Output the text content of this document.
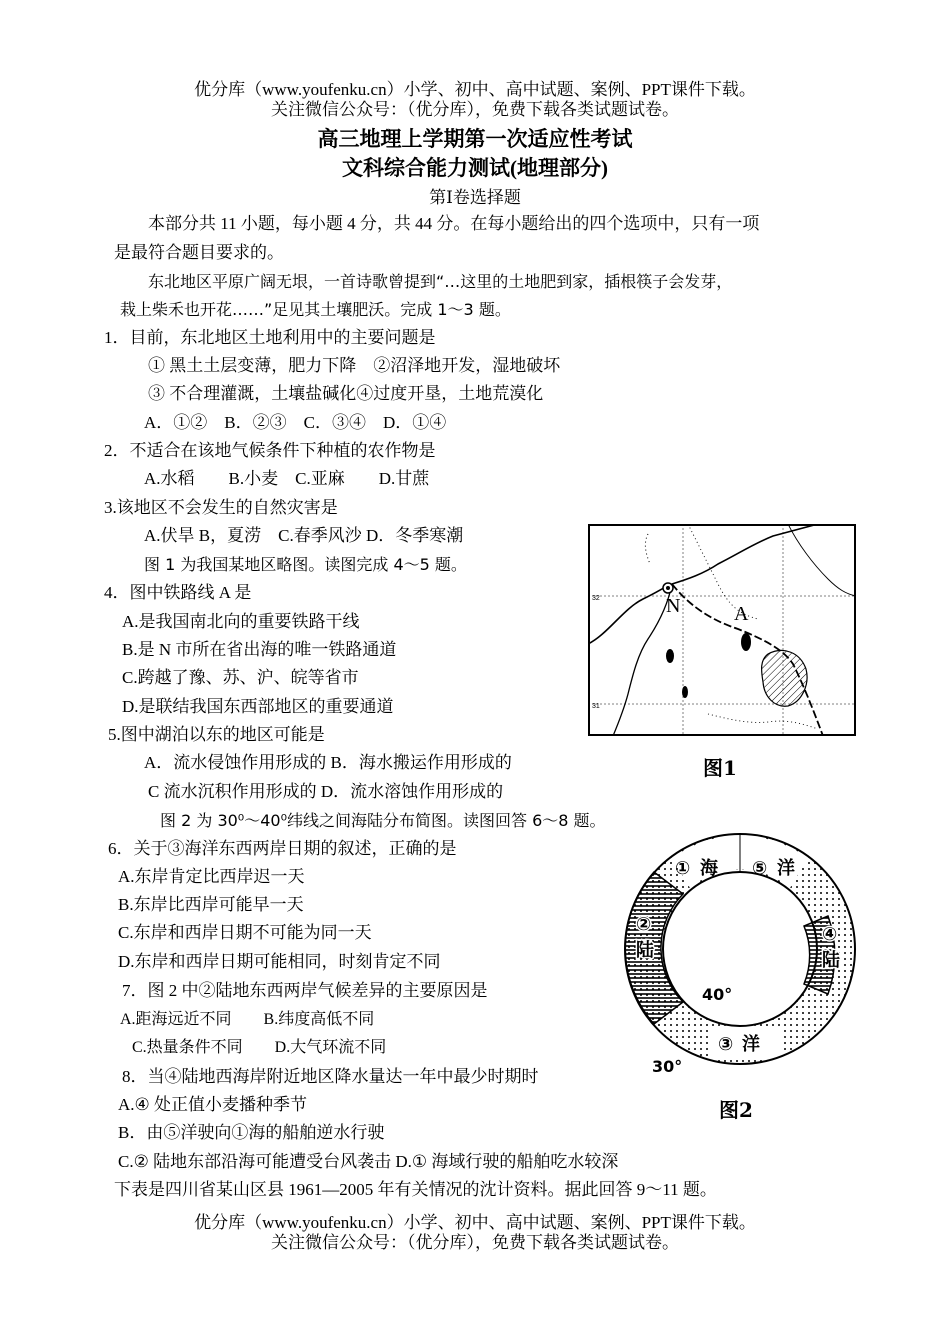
优分库（www.youfenku.cn）小学、初中、高中试题、案例、PPT课件下载。
关注微信公众号：（优分库），免费下载各类试题试卷。
高三地理上学期第一次适应性考试
文科综合能力测试(地理部分)
第Ⅰ卷选择题
本部分共 11 小题，每小题 4 分，共 44 分。在每小题给出的四个选项中，只有一项
是最符合题目要求的。
东北地区平原广阔无垠，一首诗歌曾提到“…这里的土地肥到家，插根筷子会发芽，
栽上柴禾也开花……”足见其土壤肥沃。完成 1～3 题。
1．目前，东北地区土地利用中的主要问题是
① 黑土土层变薄，肥力下降　②沼泽地开发，湿地破坏
③ 不合理灌溉，土壤盐碱化④过度开垦，土地荒漠化
A．①②　B．②③　C．③④　D．①④
2．不适合在该地气候条件下种植的农作物是
A.水稻　　B.小麦　C.亚麻　　D.甘蔗
3.该地区不会发生的自然灾害是
A.伏旱 B，夏涝　C.春季风沙 D．冬季寒潮
图 1 为我国某地区略图。读图完成 4～5 题。
4．图中铁路线 A 是
A.是我国南北向的重要铁路干线
B.是 N 市所在省出海的唯一铁路通道
C.跨越了豫、苏、沪、皖等省市
D.是联结我国东西部地区的重要通道
5.图中湖泊以东的地区可能是
A．流水侵蚀作用形成的 B．海水搬运作用形成的
C 流水沉积作用形成的 D．流水溶蚀作用形成的
图 2 为 30⁰～40⁰纬线之间海陆分布简图。读图回答 6～8 题。
6．关于③海洋东西两岸日期的叙述，正确的是
A.东岸肯定比西岸迟一天
B.东岸比西岸可能早一天
C.东岸和西岸日期不可能为同一天
D.东岸和西岸日期可能相同，时刻肯定不同
7．图 2 中②陆地东西两岸气候差异的主要原因是
A.距海远近不同　　B.纬度高低不同
C.热量条件不同　　D.大气环流不同
8．当④陆地西海岸附近地区降水量达一年中最少时期时
A.④ 处正值小麦播种季节
B．由⑤洋驶向①海的船舶逆水行驶
C.② 陆地东部沿海可能遭受台风袭击 D.① 海域行驶的船舶吃水较深
下表是四川省某山区县 1961—2005 年有关情况的沈计资料。据此回答 9～11 题。
优分库（www.youfenku.cn）小学、初中、高中试题、案例、PPT课件下载。
关注微信公众号：（优分库），免费下载各类试题试卷。
32
31
N	A
图1
① 海 ⑤ 洋
②
陆
④
陆
③ 洋
40°
30°
图2
